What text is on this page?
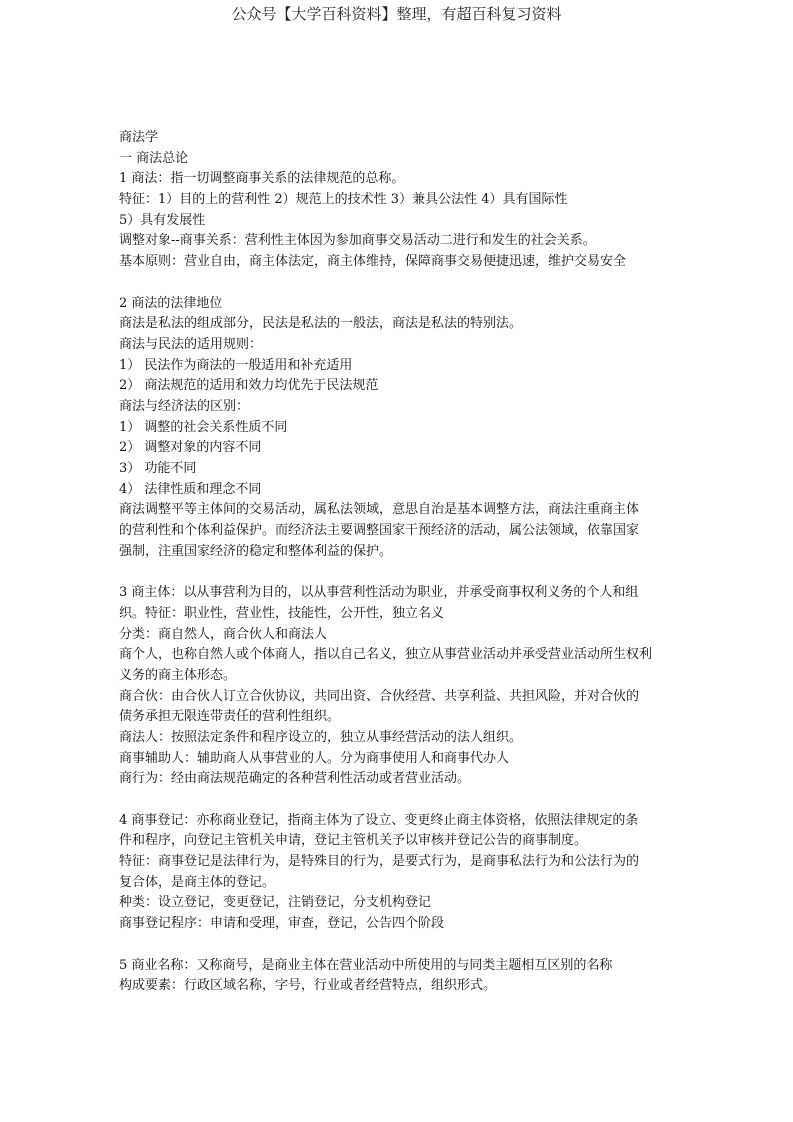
公众号【大学百科资料】整理，有超百科复习资料
商法学
一 商法总论
1 商法：指一切调整商事关系的法律规范的总称。
特征：1）目的上的营利性 2）规范上的技术性 3）兼具公法性 4）具有国际性
5）具有发展性
调整对象--商事关系：营利性主体因为参加商事交易活动二进行和发生的社会关系。
基本原则：营业自由，商主体法定，商主体维持，保障商事交易便捷迅速，维护交易安全
2 商法的法律地位
商法是私法的组成部分，民法是私法的一般法，商法是私法的特别法。
商法与民法的适用规则：
1） 民法作为商法的一般适用和补充适用
2） 商法规范的适用和效力均优先于民法规范
商法与经济法的区别：
1） 调整的社会关系性质不同
2） 调整对象的内容不同
3） 功能不同
4） 法律性质和理念不同
商法调整平等主体间的交易活动，属私法领域，意思自治是基本调整方法，商法注重商主体
的营利性和个体利益保护。而经济法主要调整国家干预经济的活动，属公法领域，依靠国家
强制，注重国家经济的稳定和整体利益的保护。
3 商主体：以从事营利为目的，以从事营利性活动为职业，并承受商事权利义务的个人和组
织。特征：职业性，营业性，技能性，公开性，独立名义
分类：商自然人，商合伙人和商法人
商个人，也称自然人或个体商人，指以自己名义，独立从事营业活动并承受营业活动所生权利
义务的商主体形态。
商合伙：由合伙人订立合伙协议，共同出资、合伙经营、共享利益、共担风险，并对合伙的
债务承担无限连带责任的营利性组织。
商法人：按照法定条件和程序设立的，独立从事经营活动的法人组织。
商事辅助人：辅助商人从事营业的人。分为商事使用人和商事代办人
商行为：经由商法规范确定的各种营利性活动或者营业活动。
4 商事登记：亦称商业登记，指商主体为了设立、变更终止商主体资格，依照法律规定的条
件和程序，向登记主管机关申请，登记主管机关予以审核并登记公告的商事制度。
特征：商事登记是法律行为，是特殊目的行为，是要式行为，是商事私法行为和公法行为的
复合体，是商主体的登记。
种类：设立登记，变更登记，注销登记，分支机构登记
商事登记程序：申请和受理，审查，登记，公告四个阶段
5 商业名称：又称商号，是商业主体在营业活动中所使用的与同类主题相互区别的名称
构成要素：行政区域名称，字号，行业或者经营特点，组织形式。
